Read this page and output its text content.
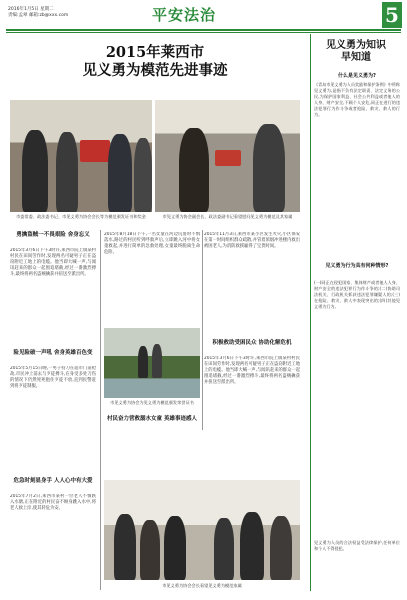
2016年1月5日 星期二
责编:孟翠 邮箱:zb@xxx.com	平安法治	5
2015年莱西市
见义勇为模范先进事迹
市委常委、政法委书记、市见义勇为协会会长等为模范颁发证书和奖金	市见义勇为协会副会长、政法委副书记看望慰问见义勇为模范及其家属
勇擒盗贼一不畏艰险 舍身忘义
2015年3月6日下午3时许,莱西市院上镇某村村民在田间劳作时,发现两名可疑男子正在盗窃附近工地上的电缆。他当即大喊一声,与闻讯赶来的群众一起围追堵截,经过一番激烈搏斗,最终将两名盗贼擒获并扭送至派出所。
险见险破一声吼 舍身英雄百色变
2015年5月15日晚,一男子持刀在超市门前抢劫,市民冲上前去与歹徒搏斗,在身受多处刀伤的情况下仍然死死抱住歹徒不放,直到民警赶到将歹徒制服。
危急时刻显身手 人人心中有大爱
2015年7月2日,莱西市某村一位老人不慎跌入水塘,正在附近的村民奋不顾身跳入水中,将老人救上岸,使其转危为安。
2015年8月18日下午,一名女童在河边玩耍时不慎落水,路过的村民听到呼救声后,立即跳入河中将女童救起,并进行简单的急救处理,女童最终脱离生命危险。
市见义勇为协会为见义勇为模范颁发荣誉证书
村民奋力营救溺水女童 英雄事迹感人
2015年11月3日,莱西市某小区发生火灾,小区保安在第一时间组织群众疏散,并冒着浓烟冲进楼内救出被困老人,为消防救援赢得了宝贵时间。
积极救助受困民众 协助化解危机
2015年3月6日下午3时许,莱西市院上镇某村村民在田间劳作时,发现两名可疑男子正在盗窃附近工地上的电缆。他当即大喊一声,与闻讯赶来的群众一起围追堵截,经过一番激烈搏斗,最终将两名盗贼擒获并扭送至派出所。
市见义勇为协会会长看望见义勇为模范家属
见义勇为知识
早知道
什么是见义勇为?
《青岛市见义勇为人员奖励和保护条例》中所称见义勇为,是指不负有法定职责、法定义务的公民,为保护国家利益、社会公共利益或者他人的人身、财产安全,不顾个人安危,同正在进行的违法犯罪行为作斗争或者抢险、救灾、救人的行为。
见义勇为行为具有何种情形?
(一)同正在侵犯国家、集体财产或者他人人身、财产安全的违法犯罪行为作斗争的;(二)协助司法机关、行政机关抓获违法犯罪嫌疑人的;(三)在抢险、救灾、救人中表现突出的;(四)其他见义勇为行为。
见义勇为人员的合法权益受法律保护,任何单位和个人不得侵犯。
